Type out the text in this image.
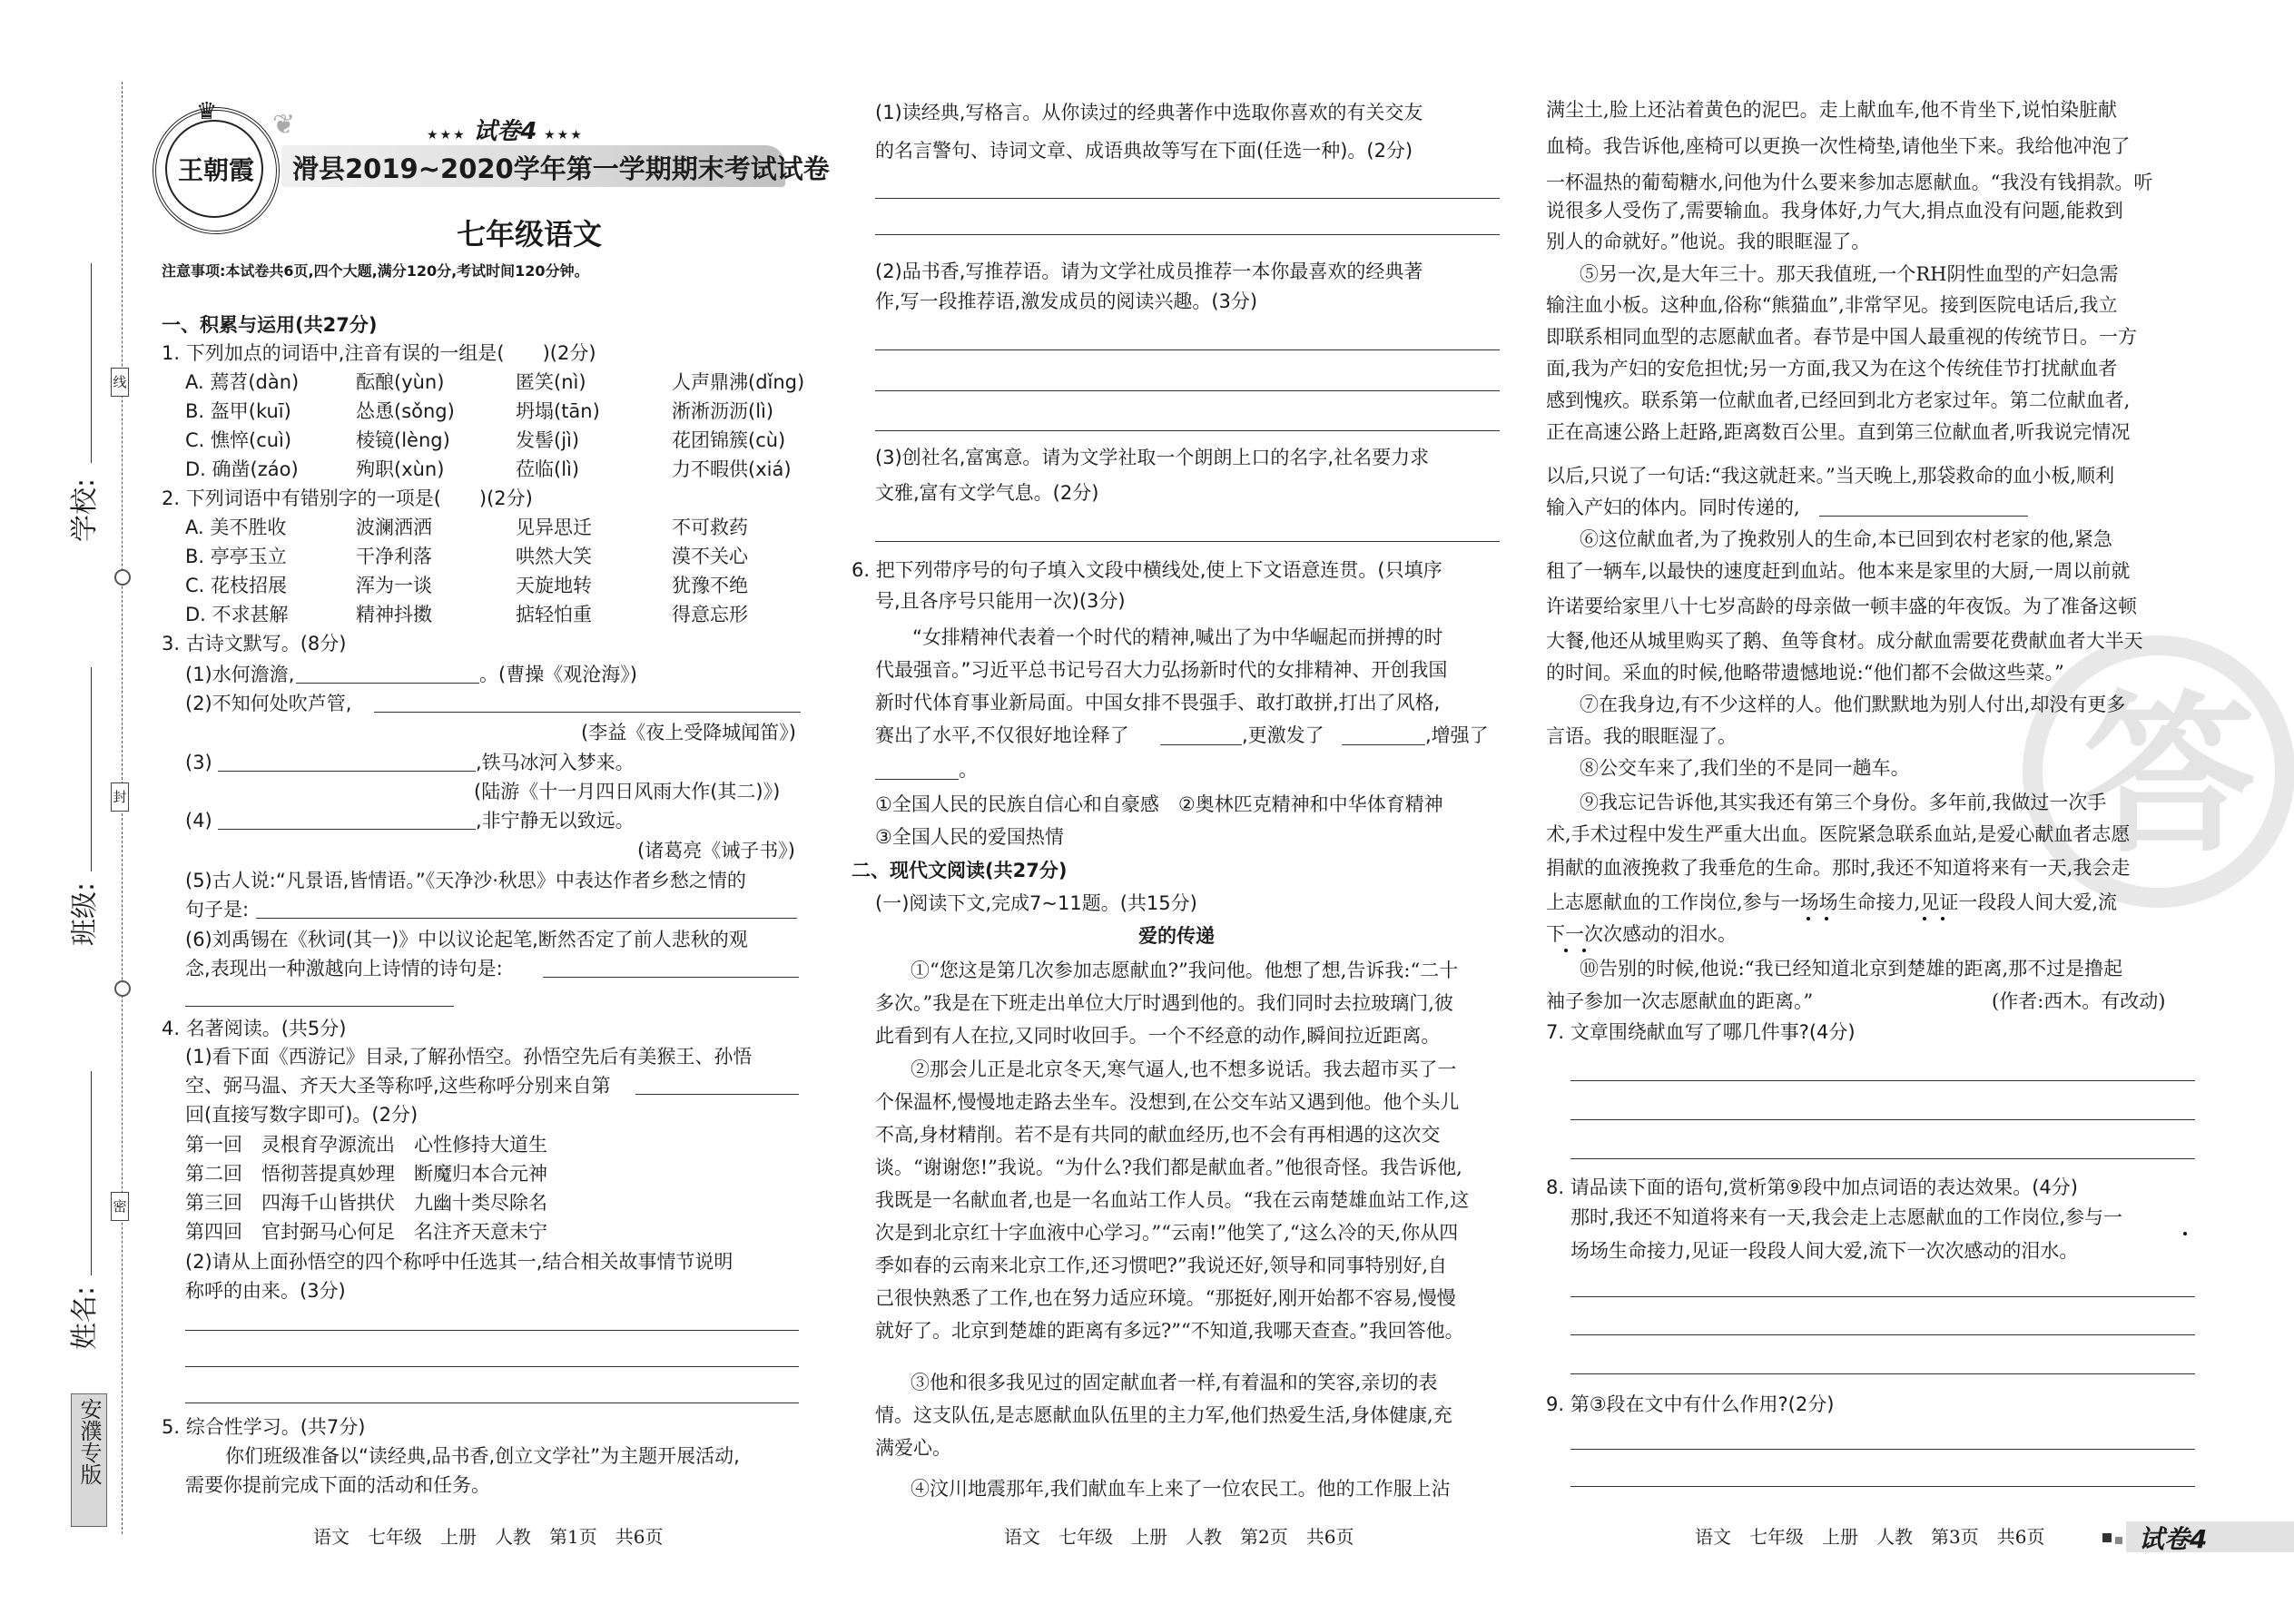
线
封
密
学校:
班级:
姓名:
安濮专版
王朝霞
♛ ❦	★★★ 试卷4 ★★★
滑县2019~2020学年第一学期期末考试试卷
七年级语文
注意事项:本试卷共6页,四个大题,满分120分,考试时间120分钟。
一、积累与运用(共27分)
1. 下列加点的词语中,注音有误的一组是(　　)(2分)
A. 蔫苕(dàn)	酝酿(yùn)	匿笑(nì)	人声鼎沸(dǐng)
B. 盔甲(kuī)	怂恿(sǒng)	坍塌(tān)	淅淅沥沥(lì)
C. 憔悴(cuì)	棱镜(lèng)	发髻(jì)	花团锦簇(cù)
D. 确凿(záo)	殉职(xùn)	莅临(lì)	力不暇供(xiá)
2. 下列词语中有错别字的一项是(　　)(2分)
A. 美不胜收	波澜洒洒	见异思迁	不可救药
B. 亭亭玉立	干净利落	哄然大笑	漠不关心
C. 花枝招展	浑为一谈	天旋地转	犹豫不绝
D. 不求甚解	精神抖擞	掂轻怕重	得意忘形
3. 古诗文默写。(8分)
(1)水何澹澹,	。(曹操《观沧海》)
(2)不知何处吹芦管,
(李益《夜上受降城闻笛》)
(3)	,铁马冰河入梦来。
(陆游《十一月四日风雨大作(其二)》)
(4)	,非宁静无以致远。
(诸葛亮《诫子书》)
(5)古人说:“凡景语,皆情语。”《天净沙·秋思》中表达作者乡愁之情的
句子是:
(6)刘禹锡在《秋词(其一)》中以议论起笔,断然否定了前人悲秋的观
念,表现出一种激越向上诗情的诗句是:
4. 名著阅读。(共5分)
(1)看下面《西游记》目录,了解孙悟空。孙悟空先后有美猴王、孙悟
空、弼马温、齐天大圣等称呼,这些称呼分别来自第
回(直接写数字即可)。(2分)
第一回　灵根育孕源流出　心性修持大道生
第二回　悟彻菩提真妙理　断魔归本合元神
第三回　四海千山皆拱伏　九幽十类尽除名
第四回　官封弼马心何足　名注齐天意未宁
(2)请从上面孙悟空的四个称呼中任选其一,结合相关故事情节说明
称呼的由来。(3分)
5. 综合性学习。(共7分)
你们班级准备以“读经典,品书香,创立文学社”为主题开展活动,
需要你提前完成下面的活动和任务。
语文　七年级　上册　人教　第1页　共6页
(1)读经典,写格言。从你读过的经典著作中选取你喜欢的有关交友
的名言警句、诗词文章、成语典故等写在下面(任选一种)。(2分)
(2)品书香,写推荐语。请为文学社成员推荐一本你最喜欢的经典著
作,写一段推荐语,激发成员的阅读兴趣。(3分)
(3)创社名,富寓意。请为文学社取一个朗朗上口的名字,社名要力求
文雅,富有文学气息。(2分)
6. 把下列带序号的句子填入文段中横线处,使上下文语意连贯。(只填序
号,且各序号只能用一次)(3分)
“女排精神代表着一个时代的精神,喊出了为中华崛起而拼搏的时
代最强音。”习近平总书记号召大力弘扬新时代的女排精神、开创我国
新时代体育事业新局面。中国女排不畏强手、敢打敢拼,打出了风格,
赛出了水平,不仅很好地诠释了	,更激发了	,增强了
。
①全国人民的民族自信心和自豪感　②奥林匹克精神和中华体育精神
③全国人民的爱国热情
二、现代文阅读(共27分)
(一)阅读下文,完成7~11题。(共15分)
爱的传递
①“您这是第几次参加志愿献血?”我问他。他想了想,告诉我:“二十
多次。”我是在下班走出单位大厅时遇到他的。我们同时去拉玻璃门,彼
此看到有人在拉,又同时收回手。一个不经意的动作,瞬间拉近距离。
②那会儿正是北京冬天,寒气逼人,也不想多说话。我去超市买了一
个保温杯,慢慢地走路去坐车。没想到,在公交车站又遇到他。他个头儿
不高,身材精削。若不是有共同的献血经历,也不会有再相遇的这次交
谈。“谢谢您!”我说。“为什么?我们都是献血者。”他很奇怪。我告诉他,
我既是一名献血者,也是一名血站工作人员。“我在云南楚雄血站工作,这
次是到北京红十字血液中心学习。”“云南!”他笑了,“这么冷的天,你从四
季如春的云南来北京工作,还习惯吧?”我说还好,领导和同事特别好,自
己很快熟悉了工作,也在努力适应环境。“那挺好,刚开始都不容易,慢慢
就好了。北京到楚雄的距离有多远?”“不知道,我哪天查查。”我回答他。
③他和很多我见过的固定献血者一样,有着温和的笑容,亲切的表
情。这支队伍,是志愿献血队伍里的主力军,他们热爱生活,身体健康,充
满爱心。
④汶川地震那年,我们献血车上来了一位农民工。他的工作服上沾
语文　七年级　上册　人教　第2页　共6页
答
满尘土,脸上还沾着黄色的泥巴。走上献血车,他不肯坐下,说怕染脏献
血椅。我告诉他,座椅可以更换一次性椅垫,请他坐下来。我给他冲泡了
一杯温热的葡萄糖水,问他为什么要来参加志愿献血。“我没有钱捐款。听
说很多人受伤了,需要输血。我身体好,力气大,捐点血没有问题,能救到
别人的命就好。”他说。我的眼眶湿了。
⑤另一次,是大年三十。那天我值班,一个RH阴性血型的产妇急需
输注血小板。这种血,俗称“熊猫血”,非常罕见。接到医院电话后,我立
即联系相同血型的志愿献血者。春节是中国人最重视的传统节日。一方
面,我为产妇的安危担忧;另一方面,我又为在这个传统佳节打扰献血者
感到愧疚。联系第一位献血者,已经回到北方老家过年。第二位献血者,
正在高速公路上赶路,距离数百公里。直到第三位献血者,听我说完情况
以后,只说了一句话:“我这就赶来。”当天晚上,那袋救命的血小板,顺利
输入产妇的体内。同时传递的,
⑥这位献血者,为了挽救别人的生命,本已回到农村老家的他,紧急
租了一辆车,以最快的速度赶到血站。他本来是家里的大厨,一周以前就
许诺要给家里八十七岁高龄的母亲做一顿丰盛的年夜饭。为了准备这顿
大餐,他还从城里购买了鹅、鱼等食材。成分献血需要花费献血者大半天
的时间。采血的时候,他略带遗憾地说:“他们都不会做这些菜。”
⑦在我身边,有不少这样的人。他们默默地为别人付出,却没有更多
言语。我的眼眶湿了。
⑧公交车来了,我们坐的不是同一趟车。
⑨我忘记告诉他,其实我还有第三个身份。多年前,我做过一次手
术,手术过程中发生严重大出血。医院紧急联系血站,是爱心献血者志愿
捐献的血液挽救了我垂危的生命。那时,我还不知道将来有一天,我会走
上志愿献血的工作岗位,参与一场场生命接力,见证一段段人间大爱,流
下一次次感动的泪水。
⑩告别的时候,他说:“我已经知道北京到楚雄的距离,那不过是撸起
袖子参加一次志愿献血的距离。”	(作者:西木。有改动)
7. 文章围绕献血写了哪几件事?(4分)
8. 请品读下面的语句,赏析第⑨段中加点词语的表达效果。(4分)
那时,我还不知道将来有一天,我会走上志愿献血的工作岗位,参与一
场场生命接力,见证一段段人间大爱,流下一次次感动的泪水。
9. 第③段在文中有什么作用?(2分)
语文　七年级　上册　人教　第3页　共6页	试卷4
